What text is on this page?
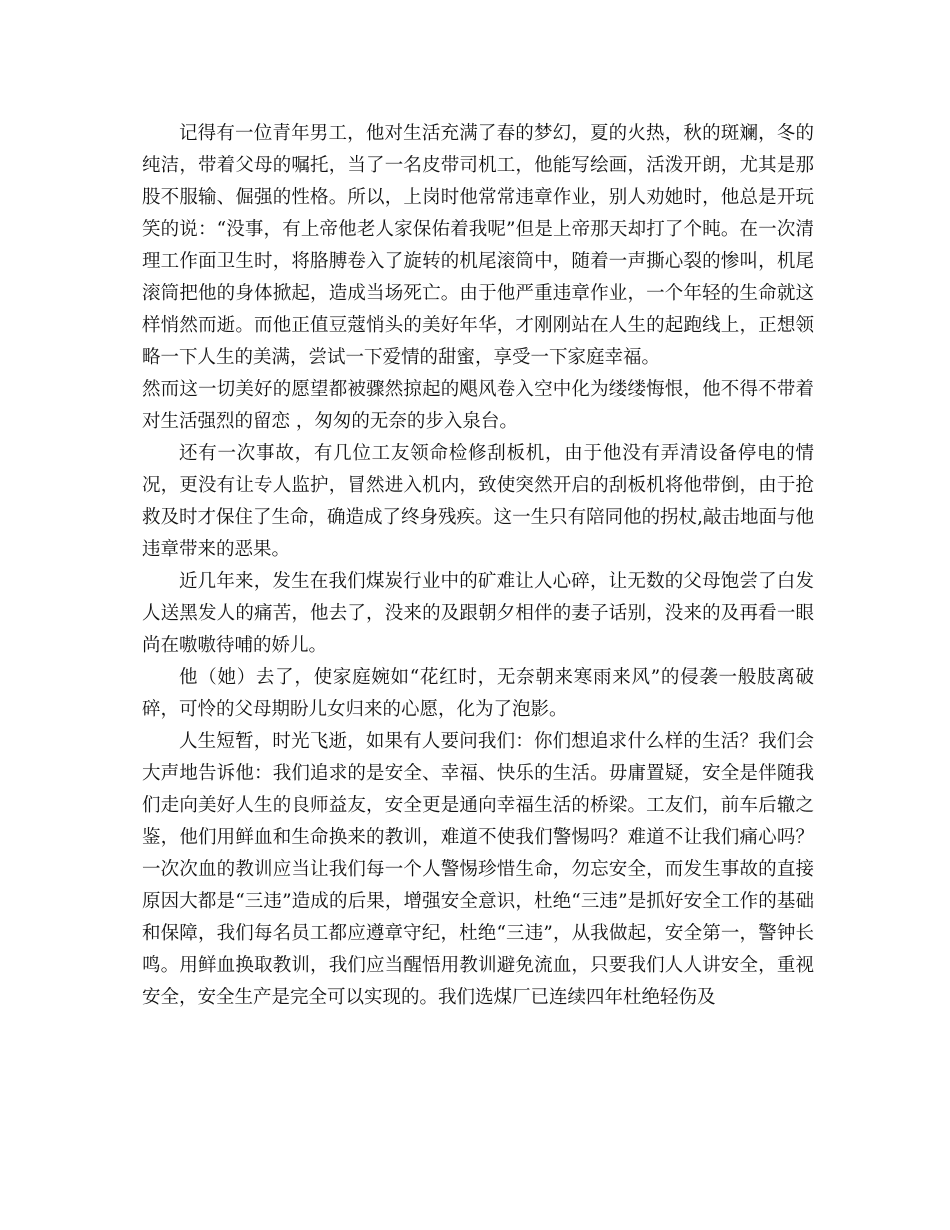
记得有一位青年男工，他对生活充满了春的梦幻，夏的火热，秋的斑斓，冬的纯洁，带着父母的嘱托，当了一名皮带司机工，他能写绘画，活泼开朗，尤其是那股不服输、倔强的性格。所以，上岗时他常常违章作业，别人劝她时，他总是开玩笑的说：“没事，有上帝他老人家保佑着我呢”但是上帝那天却打了个盹。在一次清理工作面卫生时，将胳膊卷入了旋转的机尾滚筒中，随着一声撕心裂的惨叫，机尾滚筒把他的身体掀起，造成当场死亡。由于他严重违章作业，一个年轻的生命就这样悄然而逝。而他正值豆蔻悄头的美好年华，才刚刚站在人生的起跑线上，正想领略一下人生的美满，尝试一下爱情的甜蜜，享受一下家庭幸福。

然而这一切美好的愿望都被骤然掠起的飓风卷入空中化为缕缕悔恨，他不得不带着对生活强烈的留恋 ，匆匆的无奈的步入泉台。

还有一次事故，有几位工友领命检修刮板机，由于他没有弄清设备停电的情况，更没有让专人监护，冒然进入机内，致使突然开启的刮板机将他带倒，由于抢救及时才保住了生命，确造成了终身残疾。这一生只有陪同他的拐杖,敲击地面与他违章带来的恶果。

近几年来，发生在我们煤炭行业中的矿难让人心碎，让无数的父母饱尝了白发人送黑发人的痛苦，他去了，没来的及跟朝夕相伴的妻子话别，没来的及再看一眼尚在嗷嗷待哺的娇儿。

他（她）去了，使家庭婉如“花红时，无奈朝来寒雨来风”的侵袭一般肢离破碎，可怜的父母期盼儿女归来的心愿，化为了泡影。

人生短暂，时光飞逝，如果有人要问我们：你们想追求什么样的生活？我们会大声地告诉他：我们追求的是安全、幸福、快乐的生活。毋庸置疑，安全是伴随我们走向美好人生的良师益友，安全更是通向幸福生活的桥梁。工友们，前车后辙之鉴，他们用鲜血和生命换来的教训，难道不使我们警惕吗？难道不让我们痛心吗？一次次血的教训应当让我们每一个人警惕珍惜生命，勿忘安全，而发生事故的直接原因大都是“三违”造成的后果，增强安全意识，杜绝“三违”是抓好安全工作的基础和保障，我们每名员工都应遵章守纪，杜绝“三违”，从我做起，安全第一，警钟长鸣。用鲜血换取教训，我们应当醒悟用教训避免流血，只要我们人人讲安全，重视安全，安全生产是完全可以实现的。我们选煤厂已连续四年杜绝轻伤及
